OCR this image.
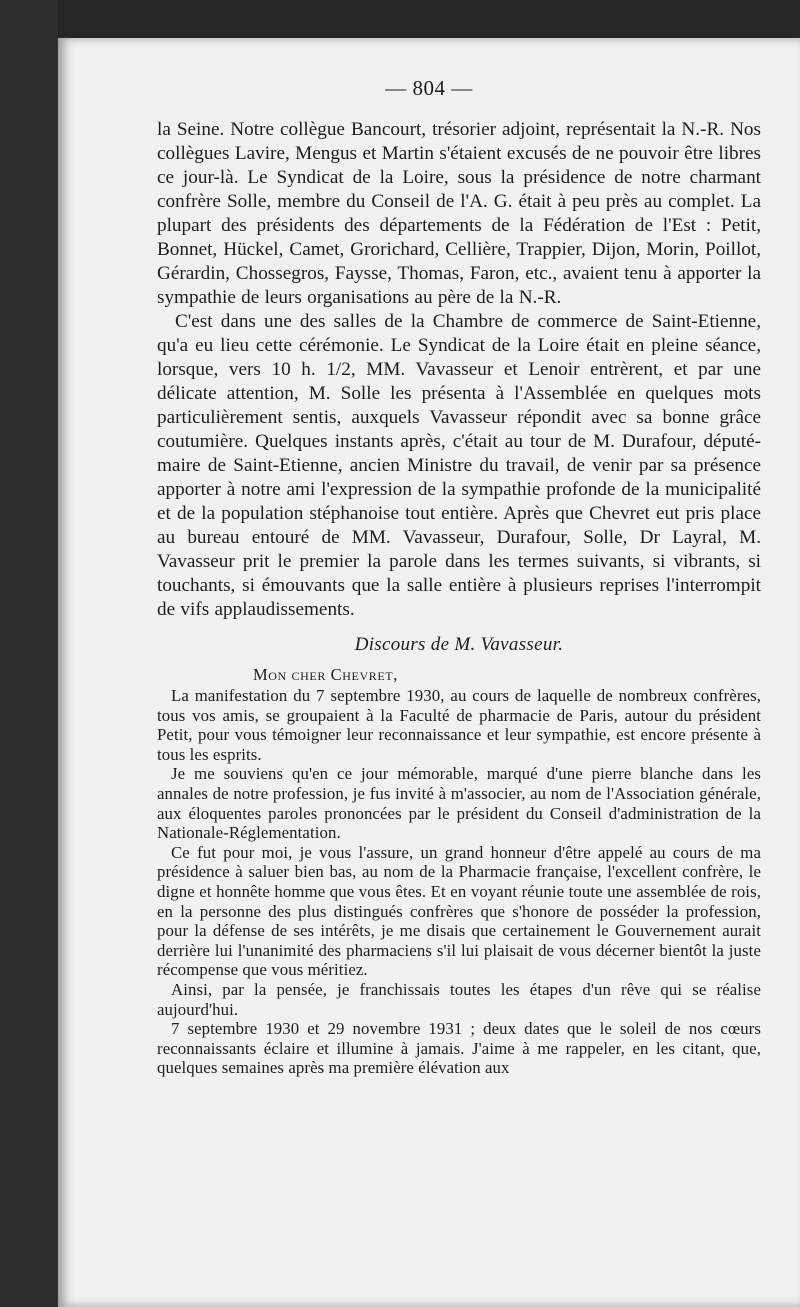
— 804 —

la Seine. Notre collègue Bancourt, trésorier adjoint, représentait la N.-R. Nos collègues Lavire, Mengus et Martin s'étaient excusés de ne pouvoir être libres ce jour-là. Le Syndicat de la Loire, sous la présidence de notre charmant confrère Solle, membre du Conseil de l'A. G. était à peu près au complet. La plupart des présidents des départements de la Fédération de l'Est : Petit, Bonnet, Hückel, Camet, Grorichard, Cellière, Trappier, Dijon, Morin, Poillot, Gérardin, Chossegros, Faysse, Thomas, Faron, etc., avaient tenu à apporter la sympathie de leurs organisations au père de la N.-R.

C'est dans une des salles de la Chambre de commerce de Saint-Etienne, qu'a eu lieu cette cérémonie. Le Syndicat de la Loire était en pleine séance, lorsque, vers 10 h. 1/2, MM. Vavasseur et Lenoir entrèrent, et par une délicate attention, M. Solle les présenta à l'Assemblée en quelques mots particulièrement sentis, auxquels Vavasseur répondit avec sa bonne grâce coutumière. Quelques instants après, c'était au tour de M. Durafour, député-maire de Saint-Etienne, ancien Ministre du travail, de venir par sa présence apporter à notre ami l'expression de la sympathie profonde de la municipalité et de la population stéphanoise tout entière. Après que Chevret eut pris place au bureau entouré de MM. Vavasseur, Durafour, Solle, Dr Layral, M. Vavasseur prit le premier la parole dans les termes suivants, si vibrants, si touchants, si émouvants que la salle entière à plusieurs reprises l'interrompit de vifs applaudissements.

Discours de M. Vavasseur.
Mon cher Chevret,

La manifestation du 7 septembre 1930, au cours de laquelle de nombreux confrères, tous vos amis, se groupaient à la Faculté de pharmacie de Paris, autour du président Petit, pour vous témoigner leur reconnaissance et leur sympathie, est encore présente à tous les esprits.

Je me souviens qu'en ce jour mémorable, marqué d'une pierre blanche dans les annales de notre profession, je fus invité à m'associer, au nom de l'Association générale, aux éloquentes paroles prononcées par le président du Conseil d'administration de la Nationale-Réglementation.

Ce fut pour moi, je vous l'assure, un grand honneur d'être appelé au cours de ma présidence à saluer bien bas, au nom de la Pharmacie française, l'excellent confrère, le digne et honnête homme que vous êtes. Et en voyant réunie toute une assemblée de rois, en la personne des plus distingués confrères que s'honore de posséder la profession, pour la défense de ses intérêts, je me disais que certainement le Gouvernement aurait derrière lui l'unanimité des pharmaciens s'il lui plaisait de vous décerner bientôt la juste récompense que vous méritiez.

Ainsi, par la pensée, je franchissais toutes les étapes d'un rêve qui se réalise aujourd'hui.

7 septembre 1930 et 29 novembre 1931 ; deux dates que le soleil de nos cœurs reconnaissants éclaire et illumine à jamais. J'aime à me rappeler, en les citant, que, quelques semaines après ma première élévation aux
